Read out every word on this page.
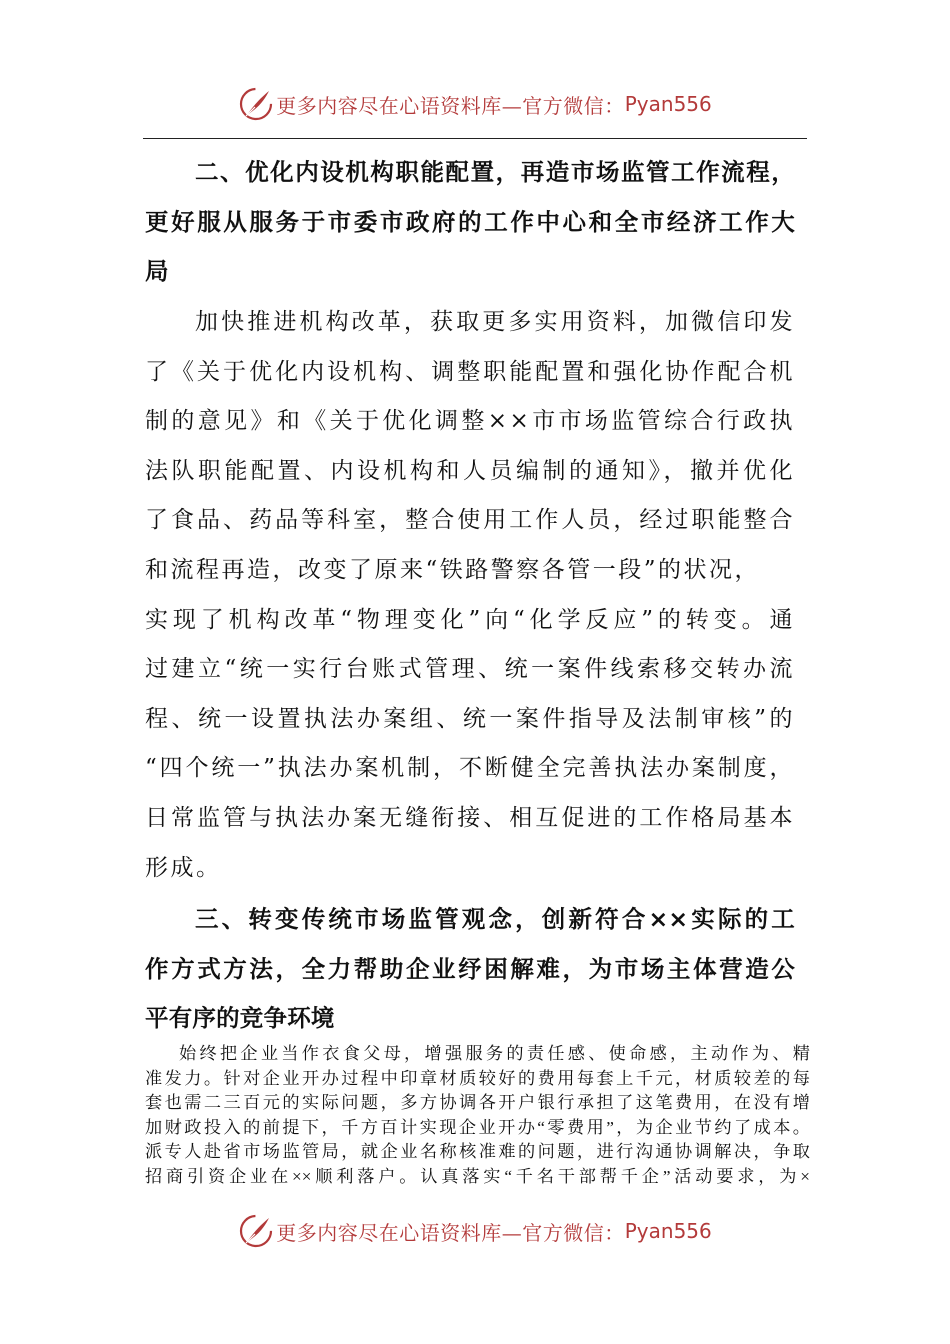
更多内容尽在心语资料库—官方微信： Pyan556
二、优化内设机构职能配置，再造市场监管工作流程，
更好服从服务于市委市政府的工作中心和全市经济工作大
局
加快推进机构改革，获取更多实用资料，加微信印发
了《关于优化内设机构、调整职能配置和强化协作配合机
制的意见》和《关于优化调整××市市场监管综合行政执
法队职能配置、内设机构和人员编制的通知》，撤并优化
了食品、药品等科室，整合使用工作人员，经过职能整合
和流程再造，改变了原来“铁路警察各管一段”的状况，
实现了机构改革“物理变化”向“化学反应”的转变。通
过建立“统一实行台账式管理、统一案件线索移交转办流
程、统一设置执法办案组、统一案件指导及法制审核”的
“四个统一”执法办案机制，不断健全完善执法办案制度，
日常监管与执法办案无缝衔接、相互促进的工作格局基本
形成。
三、转变传统市场监管观念，创新符合××实际的工
作方式方法，全力帮助企业纾困解难，为市场主体营造公
平有序的竞争环境
始终把企业当作衣食父母，增强服务的责任感、使命感，主动作为、精
准发力。针对企业开办过程中印章材质较好的费用每套上千元，材质较差的每
套也需二三百元的实际问题，多方协调各开户银行承担了这笔费用，在没有增
加财政投入的前提下，千方百计实现企业开办“零费用”，为企业节约了成本。
派专人赴省市场监管局，就企业名称核准难的问题，进行沟通协调解决，争取
招商引资企业在××顺利落户。认真落实“千名干部帮千企”活动要求，为×
更多内容尽在心语资料库—官方微信： Pyan556
